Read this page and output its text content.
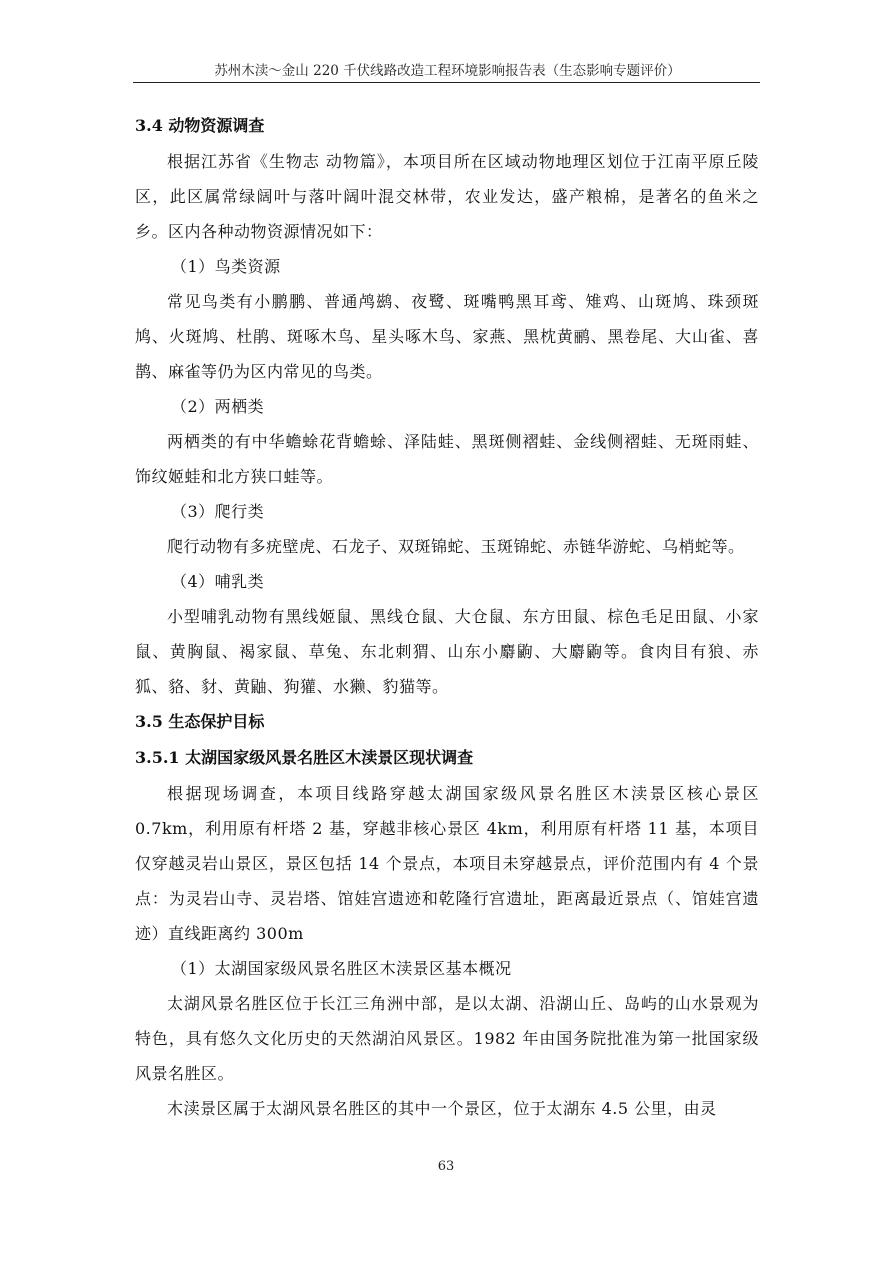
苏州木渎～金山 220 千伏线路改造工程环境影响报告表（生态影响专题评价）

3.4 动物资源调查

根据江苏省《生物志 动物篇》，本项目所在区域动物地理区划位于江南平原丘陵区，此区属常绿阔叶与落叶阔叶混交林带，农业发达，盛产粮棉，是著名的鱼米之乡。区内各种动物资源情况如下：

（1）鸟类资源

常见鸟类有小鹏鹏、普通鸬鹚、夜鹭、斑嘴鸭黑耳鸢、雉鸡、山斑鸠、珠颈斑鸠、火斑鸠、杜鹃、斑啄木鸟、星头啄木鸟、家燕、黑枕黄鹂、黑卷尾、大山雀、喜鹊、麻雀等仍为区内常见的鸟类。

（2）两栖类

两栖类的有中华蟾蜍花背蟾蜍、泽陆蛙、黑斑侧褶蛙、金线侧褶蛙、无斑雨蛙、饰纹姬蛙和北方狭口蛙等。

（3）爬行类

爬行动物有多疣壁虎、石龙子、双斑锦蛇、玉斑锦蛇、赤链华游蛇、乌梢蛇等。

（4）哺乳类

小型哺乳动物有黑线姬鼠、黑线仓鼠、大仓鼠、东方田鼠、棕色毛足田鼠、小家鼠、黄胸鼠、褐家鼠、草兔、东北刺猬、山东小麝鼩、大麝鼩等。食肉目有狼、赤狐、貉、豺、黄鼬、狗獾、水獭、豹猫等。

3.5 生态保护目标

3.5.1 太湖国家级风景名胜区木渎景区现状调查

根据现场调查，本项目线路穿越太湖国家级风景名胜区木渎景区核心景区 0.7km，利用原有杆塔 2 基，穿越非核心景区 4km，利用原有杆塔 11 基，本项目仅穿越灵岩山景区，景区包括 14 个景点，本项目未穿越景点，评价范围内有 4 个景点：为灵岩山寺、灵岩塔、馆娃宫遗迹和乾隆行宫遗址，距离最近景点（、馆娃宫遗迹）直线距离约 300m

（1）太湖国家级风景名胜区木渎景区基本概况

太湖风景名胜区位于长江三角洲中部，是以太湖、沿湖山丘、岛屿的山水景观为特色，具有悠久文化历史的天然湖泊风景区。1982 年由国务院批准为第一批国家级风景名胜区。

木渎景区属于太湖风景名胜区的其中一个景区，位于太湖东 4.5 公里，由灵

63
